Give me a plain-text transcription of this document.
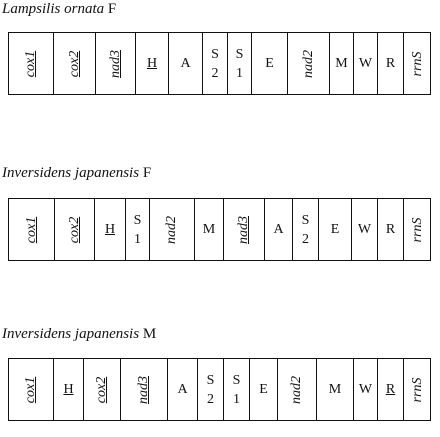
Lampsilis ornata F
cox1 cox2 nad3 H A
S
2
S
1
E nad2 M W R rrnS
Inversidens japanensis F
cox1 cox2 H
S
1 nad2 M nad3 A
S
2
E W R rrnS
Inversidens japanensis M
cox1 H cox2 nad3 A
S
2
S
1
E nad2 M W R rrnS
